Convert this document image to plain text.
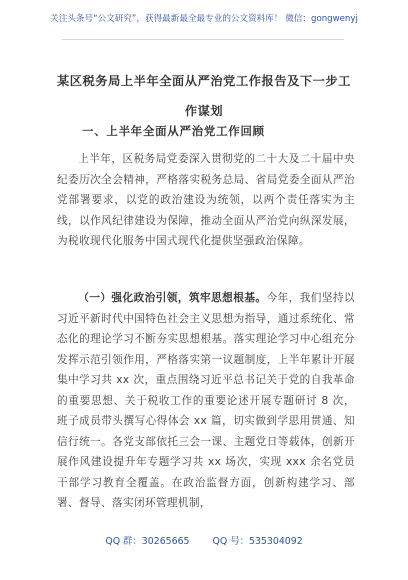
关注头条号“公文研究”，获得最新最全最专业的公文资料库！ 微信：gongwenyj
某区税务局上半年全面从严治党工作报告及下一步工作谋划
一、上半年全面从严治党工作回顾

上半年，区税务局党委深入贯彻党的二十大及二十届中央纪委历次全会精神，严格落实税务总局、省局党委全面从严治党部署要求，以党的政治建设为统领，以两个责任落实为主线，以作风纪律建设为保障，推动全面从严治党向纵深发展，为税收现代化服务中国式现代化提供坚强政治保障。

（一）强化政治引领，筑牢思想根基。今年，我们坚持以习近平新时代中国特色社会主义思想为指导，通过系统化、常态化的理论学习不断夯实思想根基。落实理论学习中心组充分发挥示范引领作用，严格落实第一议题制度，上半年累计开展集中学习共 xx 次，重点围绕习近平总书记关于党的自我革命的重要思想、关于税收工作的重要论述开展专题研讨 8 次，班子成员带头撰写心得体会 xx 篇，切实做到学思用贯通、知信行统一。各党支部依托三会一课、主题党日等载体，创新开展作风建设提升年专题学习共 xx 场次，实现 xxx 余名党员干部学习教育全覆盖。在政治监督方面，创新构建学习、部署、督导、落实闭环管理机制，

QQ 群：30265665 QQ 号：535304092
